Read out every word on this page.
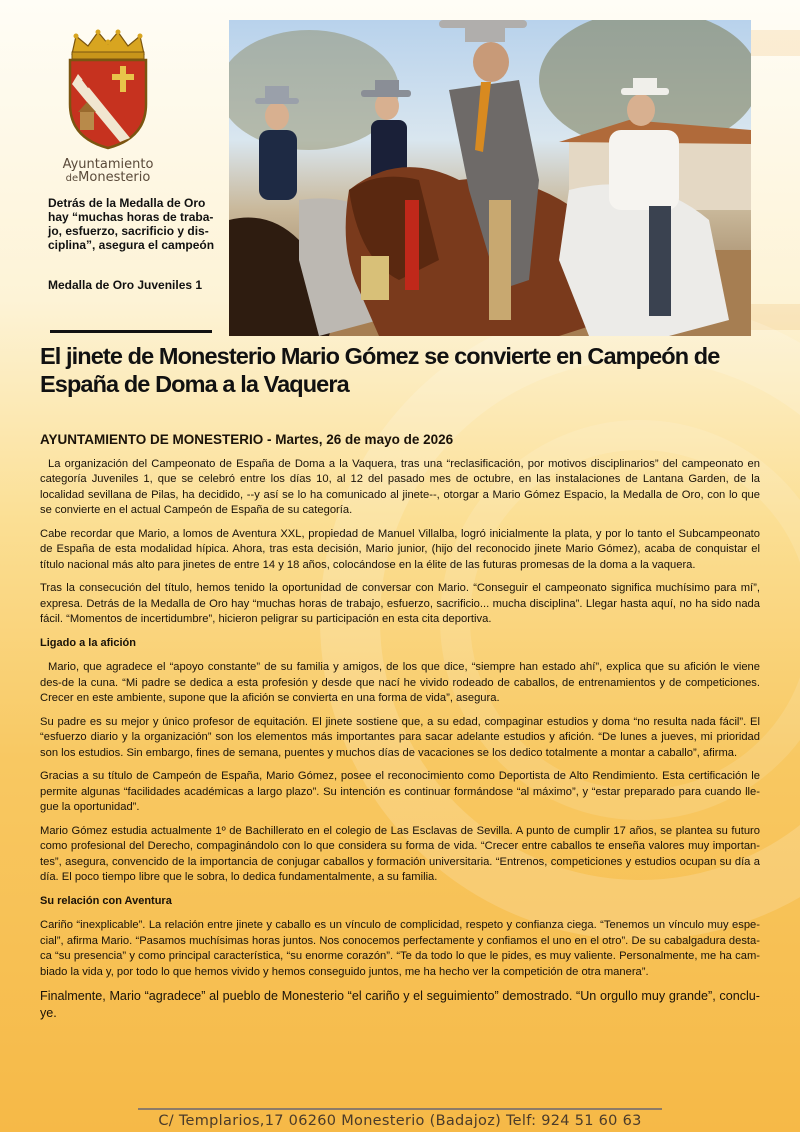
Ayuntamiento
deMonesterio
Detrás de la Medalla de Oro hay “muchas horas de traba-jo, esfuerzo, sacrificio y dis-ciplina”, asegura el campeón
Medalla de Oro Juveniles 1
El jinete de Monesterio Mario Gómez se convierte en Campeón de España de Doma a la Vaquera
AYUNTAMIENTO DE MONESTERIO - Martes, 26 de mayo de 2026

La organización del Campeonato de España de Doma a la Vaquera, tras una “reclasificación, por motivos disciplinarios” del campeonato en categoría Juveniles 1, que se celebró entre los días 10, al 12 del pasado mes de octubre, en las instalaciones de Lantana Garden, de la localidad sevillana de Pilas, ha decidido, --y así se lo ha comunicado al jinete--, otorgar a Mario Gómez Espacio, la Medalla de Oro, con lo que se convierte en el actual Campeón de España de su categoría.

Cabe recordar que Mario, a lomos de Aventura XXL, propiedad de Manuel Villalba, logró inicialmente la plata, y por lo tanto el Subcampeonato de España de esta modalidad hípica. Ahora, tras esta decisión, Mario junior, (hijo del reconocido jinete Mario Gómez), acaba de conquistar el título nacional más alto para jinetes de entre 14 y 18 años, colocándose en la élite de las futuras promesas de la doma a la vaquera.

Tras la consecución del título, hemos tenido la oportunidad de conversar con Mario. “Conseguir el campeonato significa muchísimo para mí”, expresa. Detrás de la Medalla de Oro hay “muchas horas de trabajo, esfuerzo, sacrificio... mucha disciplina”. Llegar hasta aquí, no ha sido nada fácil. “Momentos de incertidumbre”, hicieron peligrar su participación en esta cita deportiva.

Ligado a la afición

Mario, que agradece el “apoyo constante” de su familia y amigos, de los que dice, “siempre han estado ahí”, explica que su afición le viene des-de la cuna. “Mi padre se dedica a esta profesión y desde que nací he vivido rodeado de caballos, de entrenamientos y de competiciones. Crecer en este ambiente, supone que la afición se convierta en una forma de vida”, asegura.

Su padre es su mejor y único profesor de equitación. El jinete sostiene que, a su edad, compaginar estudios y doma “no resulta nada fácil”. El “esfuerzo diario y la organización” son los elementos más importantes para sacar adelante estudios y afición. “De lunes a jueves, mi prioridad son los estudios. Sin embargo, fines de semana, puentes y muchos días de vacaciones se los dedico totalmente a montar a caballo”, afirma.

Gracias a su título de Campeón de España, Mario Gómez, posee el reconocimiento como Deportista de Alto Rendimiento. Esta certificación le permite algunas “facilidades académicas a largo plazo”. Su intención es continuar formándose “al máximo”, y “estar preparado para cuando lle-gue la oportunidad”.

Mario Gómez estudia actualmente 1º de Bachillerato en el colegio de Las Esclavas de Sevilla. A punto de cumplir 17 años, se plantea su futuro como profesional del Derecho, compaginándolo con lo que considera su forma de vida. “Crecer entre caballos te enseña valores muy importan-tes”, asegura, convencido de la importancia de conjugar caballos y formación universitaria. “Entrenos, competiciones y estudios ocupan su día a día. El poco tiempo libre que le sobra, lo dedica fundamentalmente, a su familia.

Su relación con Aventura

Cariño “inexplicable”. La relación entre jinete y caballo es un vínculo de complicidad, respeto y confianza ciega. “Tenemos un vínculo muy espe-cial”, afirma Mario. “Pasamos muchísimas horas juntos. Nos conocemos perfectamente y confiamos el uno en el otro”. De su cabalgadura desta-ca “su presencia” y como principal característica, “su enorme corazón”. “Te da todo lo que le pides, es muy valiente. Personalmente, me ha cam-biado la vida y, por todo lo que hemos vivido y hemos conseguido juntos, me ha hecho ver la competición de otra manera”.

Finalmente, Mario “agradece” al pueblo de Monesterio “el cariño y el seguimiento” demostrado. “Un orgullo muy grande”, conclu-ye.

C/ Templarios,17 06260 Monesterio (Badajoz) Telf: 924 51 60 63
